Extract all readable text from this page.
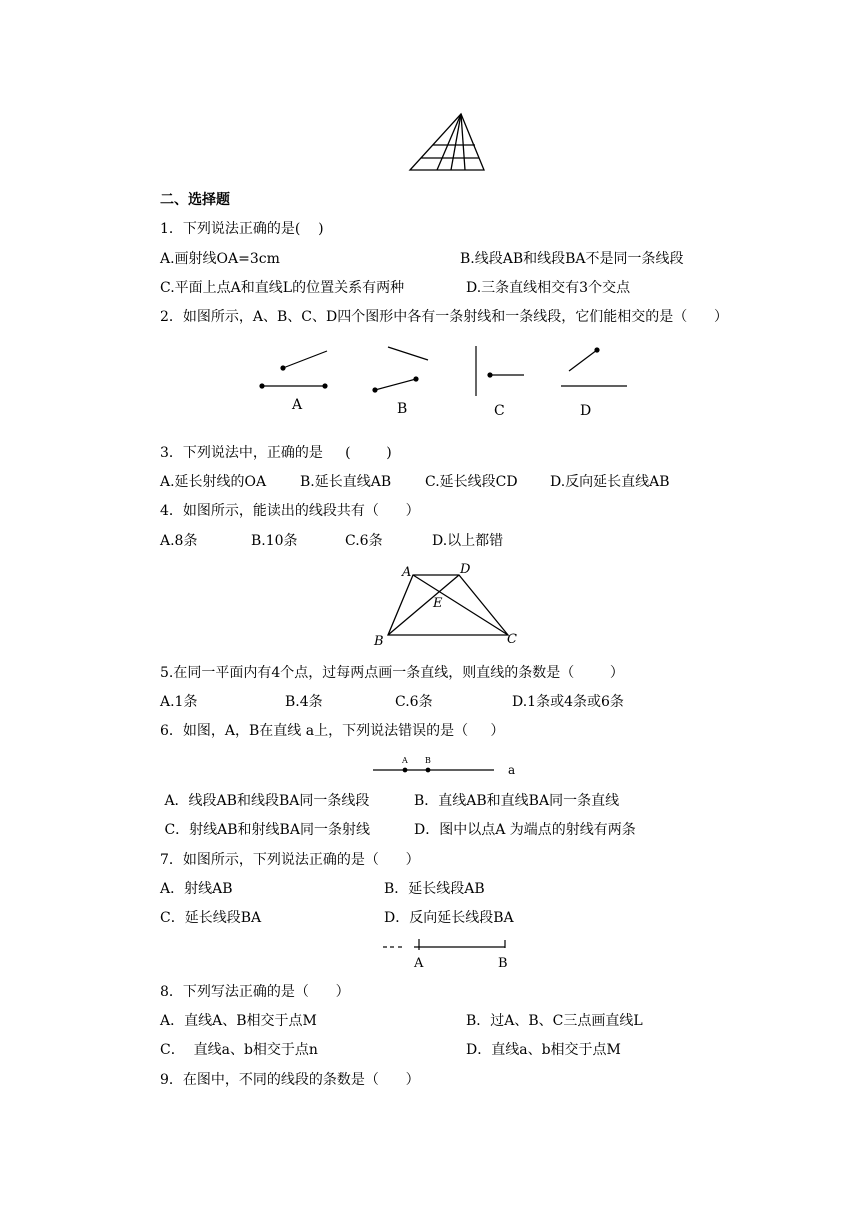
二、选择题
1．下列说法正确的是(    )
A.画射线OA=3cm	B.线段AB和线段BA不是同一条线段
C.平面上点A和直线L的位置关系有两种	D.三条直线相交有3个交点
2．如图所示，A、B、C、D四个图形中各有一条射线和一条线段，它们能相交的是（      ）
A	B	C	D
3．下列说法中，正确的是     (        )
A.延长射线的OA B.延长直线AB C.延长线段CD D.反向延长直线AB
4．如图所示，能读出的线段共有（      ）
A.8条	B.10条	C.6条	D.以上都错
A	D
E
B	C
5.在同一平面内有4个点，过每两点画一条直线，则直线的条数是（        ）
A.1条	B.4条	C.6条	D.1条或4条或6条
6．如图，A，B在直线 a上，下列说法错误的是（     ）
A B
a
A．线段AB和线段BA同一条线段	B．直线AB和直线BA同一条直线
C．射线AB和射线BA同一条射线	D．图中以点A 为端点的射线有两条
7．如图所示，下列说法正确的是（      ）
A．射线AB	B．延长线段AB
C．延长线段BA	D．反向延长线段BA
A	B
8．下列写法正确的是（      ）
A．直线A、B相交于点M	B．过A、B、C三点画直线L
C．  直线a、b相交于点n	D．直线a、b相交于点M
9．在图中，不同的线段的条数是（      ）
